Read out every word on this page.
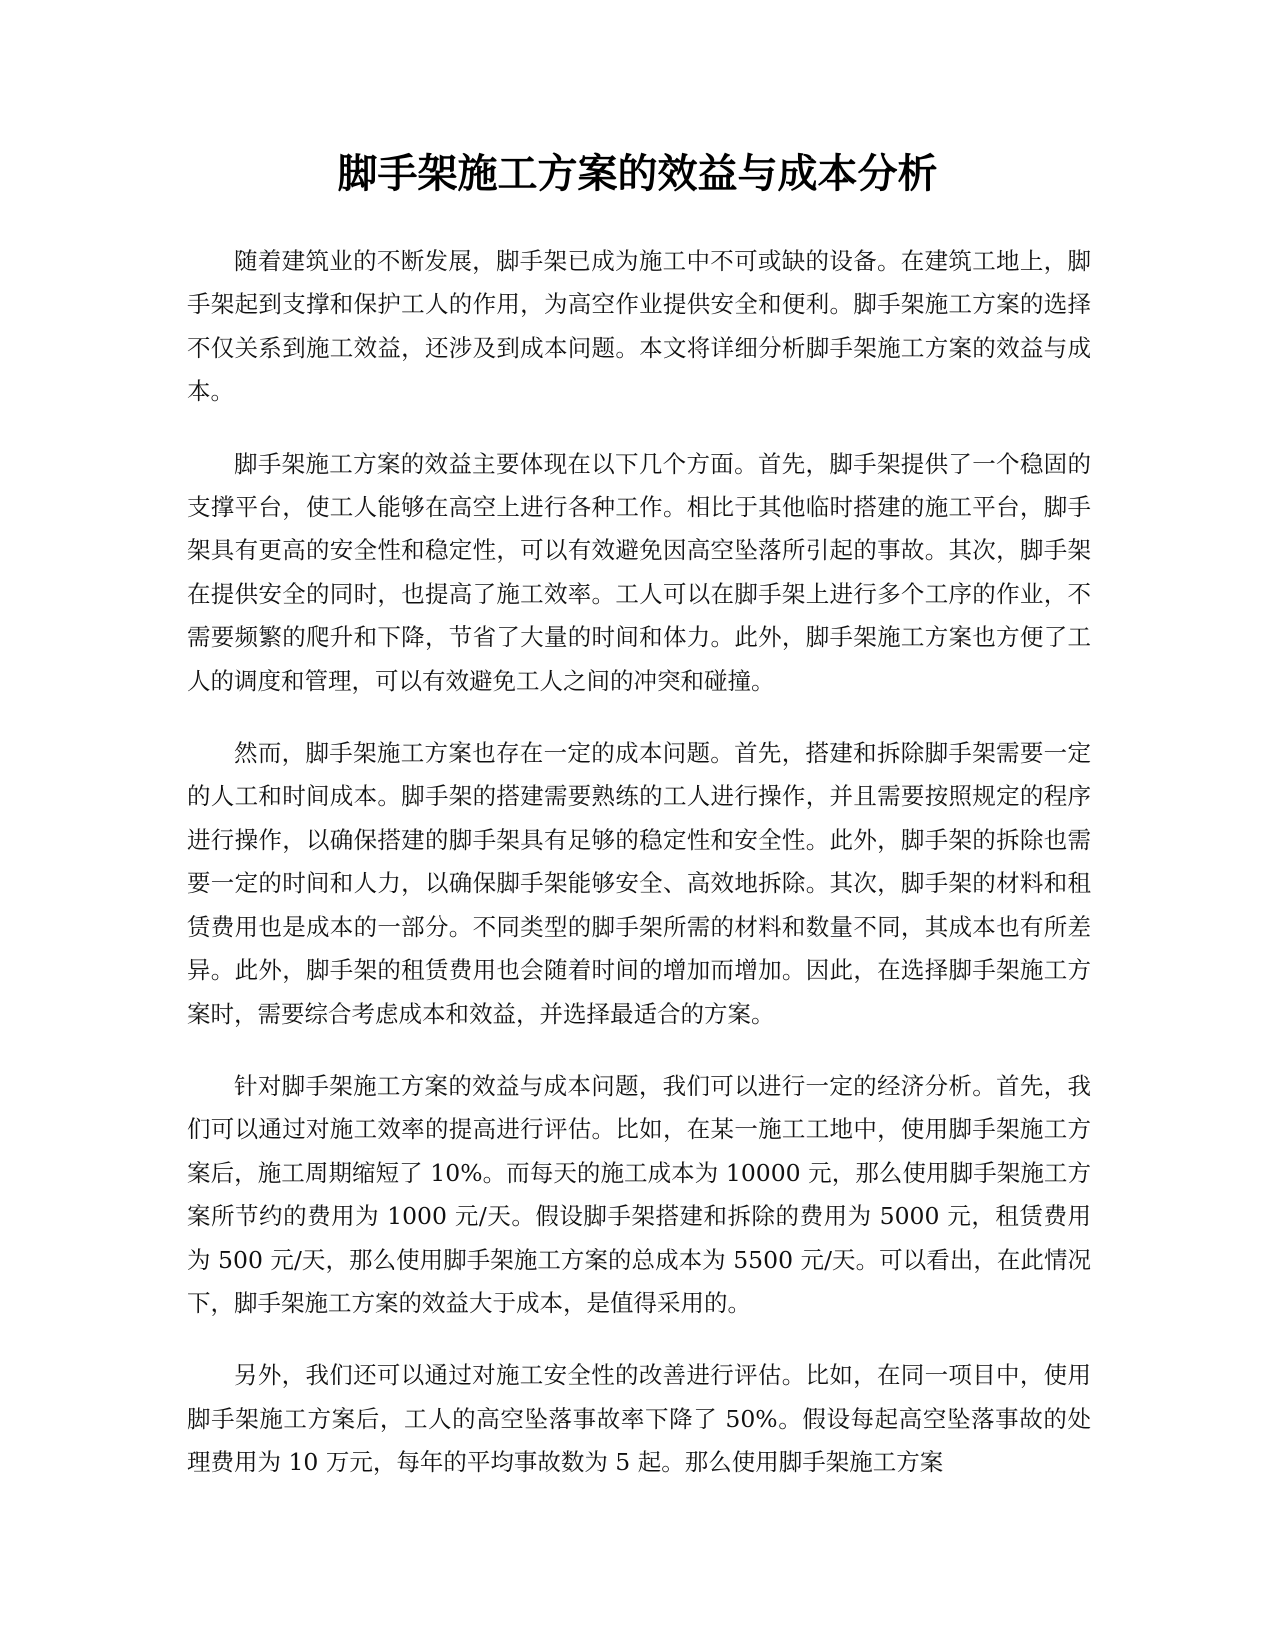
脚手架施工方案的效益与成本分析

随着建筑业的不断发展，脚手架已成为施工中不可或缺的设备。在建筑工地上，脚手架起到支撑和保护工人的作用，为高空作业提供安全和便利。脚手架施工方案的选择不仅关系到施工效益，还涉及到成本问题。本文将详细分析脚手架施工方案的效益与成本。

脚手架施工方案的效益主要体现在以下几个方面。首先，脚手架提供了一个稳固的支撑平台，使工人能够在高空上进行各种工作。相比于其他临时搭建的施工平台，脚手架具有更高的安全性和稳定性，可以有效避免因高空坠落所引起的事故。其次，脚手架在提供安全的同时，也提高了施工效率。工人可以在脚手架上进行多个工序的作业，不需要频繁的爬升和下降，节省了大量的时间和体力。此外，脚手架施工方案也方便了工人的调度和管理，可以有效避免工人之间的冲突和碰撞。

然而，脚手架施工方案也存在一定的成本问题。首先，搭建和拆除脚手架需要一定的人工和时间成本。脚手架的搭建需要熟练的工人进行操作，并且需要按照规定的程序进行操作，以确保搭建的脚手架具有足够的稳定性和安全性。此外，脚手架的拆除也需要一定的时间和人力，以确保脚手架能够安全、高效地拆除。其次，脚手架的材料和租赁费用也是成本的一部分。不同类型的脚手架所需的材料和数量不同，其成本也有所差异。此外，脚手架的租赁费用也会随着时间的增加而增加。因此，在选择脚手架施工方案时，需要综合考虑成本和效益，并选择最适合的方案。

针对脚手架施工方案的效益与成本问题，我们可以进行一定的经济分析。首先，我们可以通过对施工效率的提高进行评估。比如，在某一施工工地中，使用脚手架施工方案后，施工周期缩短了 10%。而每天的施工成本为 10000 元，那么使用脚手架施工方案所节约的费用为 1000 元/天。假设脚手架搭建和拆除的费用为 5000 元，租赁费用为 500 元/天，那么使用脚手架施工方案的总成本为 5500 元/天。可以看出，在此情况下，脚手架施工方案的效益大于成本，是值得采用的。

另外，我们还可以通过对施工安全性的改善进行评估。比如，在同一项目中，使用脚手架施工方案后，工人的高空坠落事故率下降了 50%。假设每起高空坠落事故的处理费用为 10 万元，每年的平均事故数为 5 起。那么使用脚手架施工方案
